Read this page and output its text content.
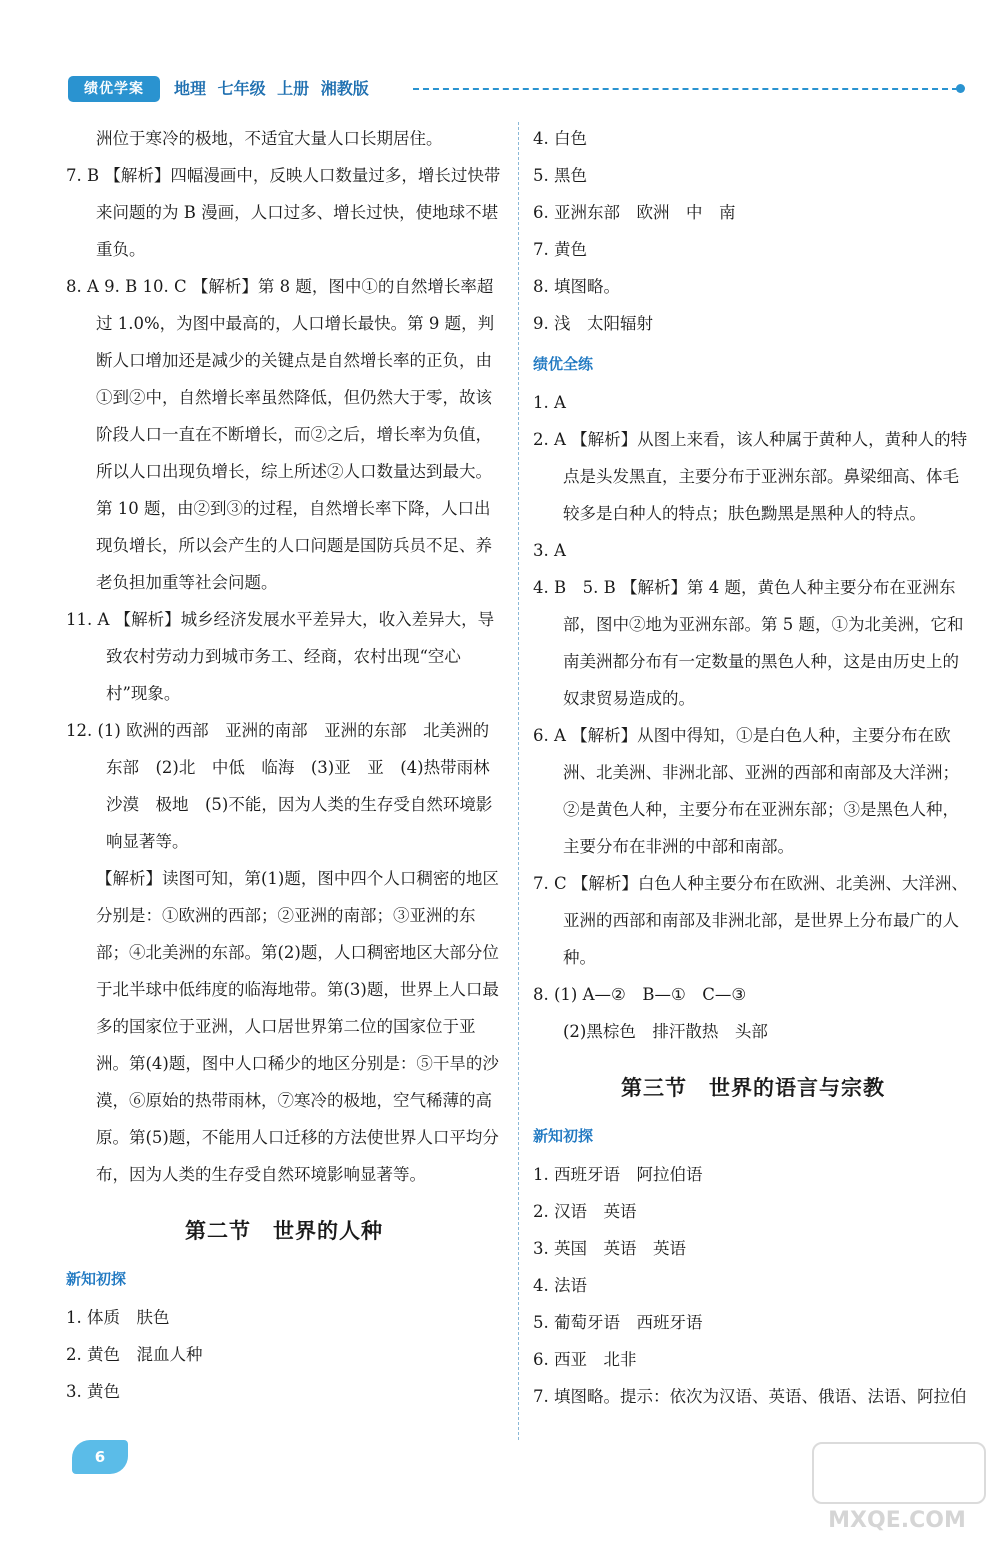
绩优学案	地理 七年级 上册 湘教版

洲位于寒冷的极地，不适宜大量人口长期居住。

7. B 【解析】四幅漫画中，反映人口数量过多，增长过快带来问题的为 B 漫画，人口过多、增长过快，使地球不堪重负。

8. A 9. B 10. C 【解析】第 8 题，图中①的自然增长率超过 1.0%，为图中最高的，人口增长最快。第 9 题，判断人口增加还是减少的关键点是自然增长率的正负，由①到②中，自然增长率虽然降低，但仍然大于零，故该阶段人口一直在不断增长，而②之后，增长率为负值，所以人口出现负增长，综上所述②人口数量达到最大。第 10 题，由②到③的过程，自然增长率下降，人口出现负增长，所以会产生的人口问题是国防兵员不足、养老负担加重等社会问题。

11. A 【解析】城乡经济发展水平差异大，收入差异大，导致农村劳动力到城市务工、经商，农村出现“空心村”现象。

12. (1) 欧洲的西部　亚洲的南部　亚洲的东部　北美洲的东部　(2)北　中低　临海　(3)亚　亚　(4)热带雨林　沙漠　极地　(5)不能，因为人类的生存受自然环境影响显著等。

【解析】读图可知，第(1)题，图中四个人口稠密的地区分别是：①欧洲的西部；②亚洲的南部；③亚洲的东部；④北美洲的东部。第(2)题，人口稠密地区大部分位于北半球中低纬度的临海地带。第(3)题，世界上人口最多的国家位于亚洲，人口居世界第二位的国家位于亚洲。第(4)题，图中人口稀少的地区分别是：⑤干旱的沙漠，⑥原始的热带雨林，⑦寒冷的极地，空气稀薄的高原。第(5)题，不能用人口迁移的方法使世界人口平均分布，因为人类的生存受自然环境影响显著等。

第二节　世界的人种
新知初探

1. 体质　肤色

2. 黄色　混血人种

3. 黄色

4. 白色

5. 黑色

6. 亚洲东部　欧洲　中　南

7. 黄色

8. 填图略。

9. 浅　太阳辐射

绩优全练

1. A

2. A 【解析】从图上来看，该人种属于黄种人，黄种人的特点是头发黑直，主要分布于亚洲东部。鼻梁细高、体毛较多是白种人的特点；肤色黝黑是黑种人的特点。

3. A

4. B　5. B 【解析】第 4 题，黄色人种主要分布在亚洲东部，图中②地为亚洲东部。第 5 题，①为北美洲，它和南美洲都分布有一定数量的黑色人种，这是由历史上的奴隶贸易造成的。

6. A 【解析】从图中得知，①是白色人种，主要分布在欧洲、北美洲、非洲北部、亚洲的西部和南部及大洋洲；②是黄色人种，主要分布在亚洲东部；③是黑色人种，主要分布在非洲的中部和南部。

7. C 【解析】白色人种主要分布在欧洲、北美洲、大洋洲、亚洲的西部和南部及非洲北部，是世界上分布最广的人种。

8. (1) A—②　B—①　C—③

(2)黑棕色　排汗散热　头部

第三节　世界的语言与宗教
新知初探

1. 西班牙语　阿拉伯语

2. 汉语　英语

3. 英国　英语　英语

4. 法语

5. 葡萄牙语　西班牙语

6. 西亚　北非

7. 填图略。提示：依次为汉语、英语、俄语、法语、阿拉伯

6
MXQE.COM
